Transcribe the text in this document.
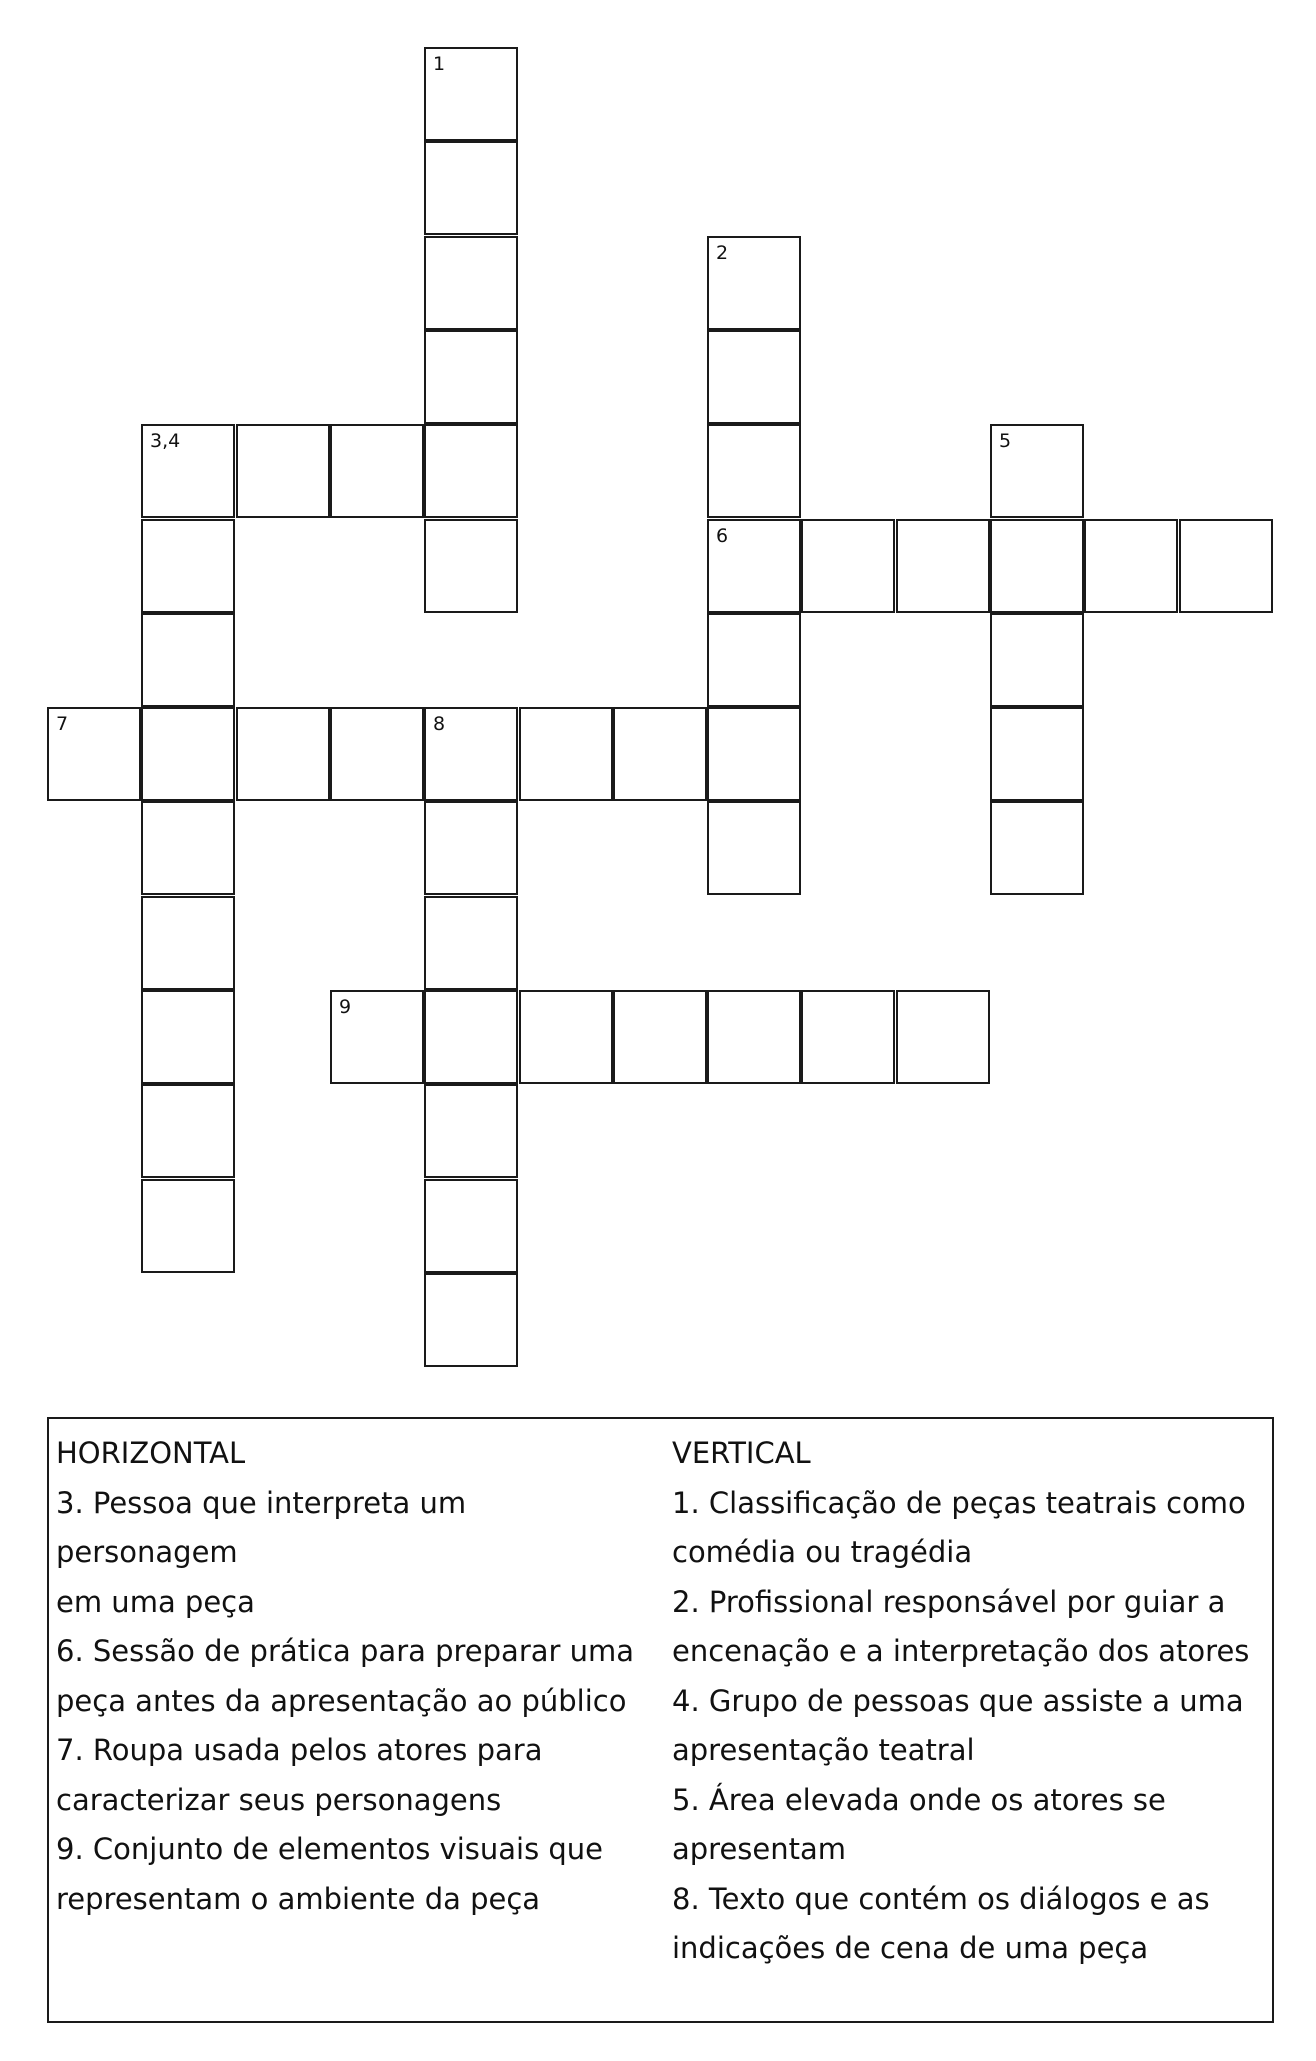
1
2
6
3,4	5
7	8
9
HORIZONTAL
3. Pessoa que interpreta um personagem
em uma peça
6. Sessão de prática para preparar uma
peça antes da apresentação ao público
7. Roupa usada pelos atores para
caracterizar seus personagens
9. Conjunto de elementos visuais que
representam o ambiente da peça
VERTICAL
1. Classificação de peças teatrais como
comédia ou tragédia
2. Profissional responsável por guiar a
encenação e a interpretação dos atores
4. Grupo de pessoas que assiste a uma
apresentação teatral
5. Área elevada onde os atores se
apresentam
8. Texto que contém os diálogos e as
indicações de cena de uma peça
